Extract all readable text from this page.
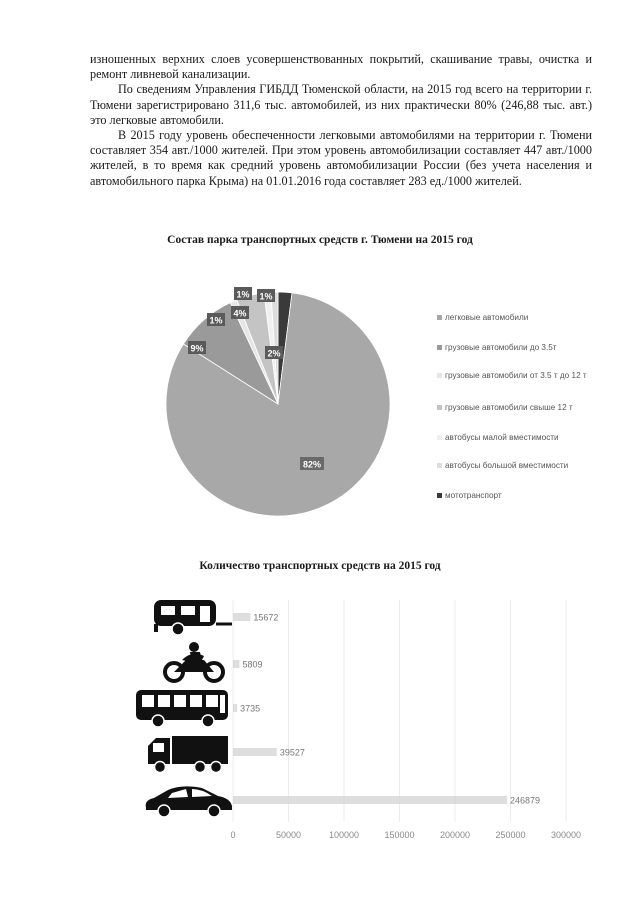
изношенных верхних слоев усовершенствованных покрытий, скашивание травы, очистка и ремонт ливневой канализации.

По сведениям Управления ГИБДД Тюменской области, на 2015 год всего на территории г. Тюмени зарегистрировано 311,6 тыс. автомобилей, из них практически 80% (246,88 тыс. авт.) это легковые автомобили.

В 2015 году уровень обеспеченности легковыми автомобилями на территории г. Тюмени составляет 354 авт./1000 жителей. При этом уровень автомобилизации составляет 447 авт./1000 жителей, в то время как средний уровень автомобилизации России (без учета населения и автомобильного парка Крыма) на 01.01.2016 года составляет 283 ед./1000 жителей.

Состав парка транспортных средств г. Тюмени на 2015 год
82%
9%
1%
4%
1% 1%
2%
легковые автомобили
грузовые автомобили до 3.5т
грузовые автомобили от 3.5 т до 12 т
грузовые автомобили свыше 12 т
автобусы малой вместимости
автобусы большой вместимости
мототранспорт
Количество транспортных средств на 2015 год
0	50000	100000	150000	200000	250000	300000
15672
5809
3735
39527
246879
